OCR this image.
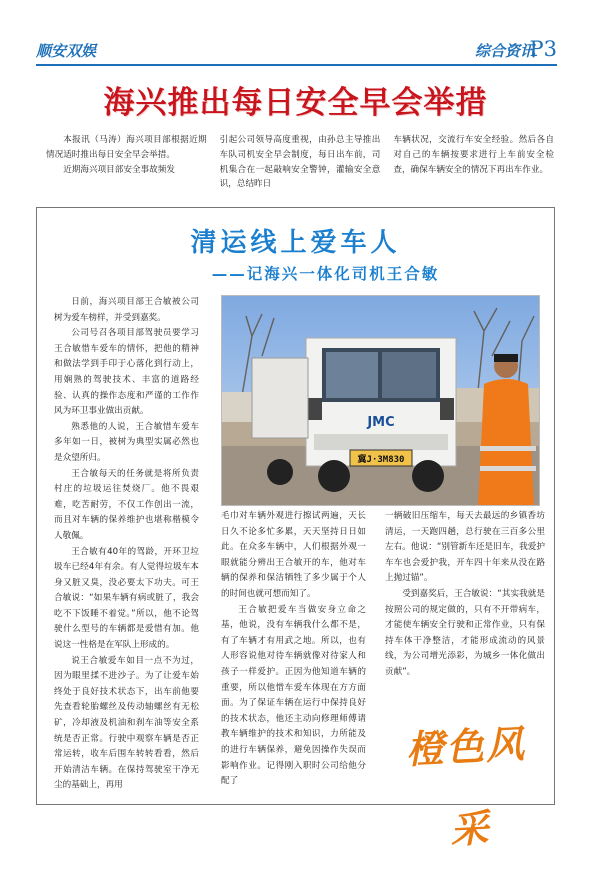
顺安双娱	综合资讯
P3
海兴推出每日安全早会举措

本报讯（马涛）海兴项目部根据近期情况适时推出每日安全早会举措。

近期海兴项目部安全事故频发

引起公司领导高度重视，由孙总主导推出车队司机安全早会制度，每日出车前，司机集合在一起敲响安全警钟，灌输安全意识，总结昨日

车辆状况，交流行车安全经验。然后各自对自己的车辆按要求进行上车前安全检查，确保车辆安全的情况下再出车作业。

清运线上爱车人
——记海兴一体化司机王合敏

日前，海兴项目部王合敏被公司树为爱车榜样，并受到嘉奖。

公司号召各项目部驾驶员要学习王合敏惜车爱车的情怀，把他的精神和做法学到手印于心落化到行动上，用娴熟的驾驶技术、丰富的道路经验、认真的操作态度和严谨的工作作风为环卫事业做出贡献。

熟悉他的人说，王合敏惜车爱车多年如一日，被树为典型实属必然也是众望所归。

王合敏每天的任务就是将所负责村庄的垃圾运往焚烧厂。他不畏艰难，吃苦耐劳，不仅工作创出一流，而且对车辆的保养维护也堪称楷模令人敬佩。

王合敏有40年的驾龄，开环卫垃圾车已经4年有余。有人觉得垃圾车本身又脏又臭，没必要太下功夫。可王合敏说：“如果车辆有病或脏了，我会吃不下饭睡不着觉。”所以，他不论驾驶什么型号的车辆都是爱惜有加。他说这一性格是在军队上形成的。

说王合敏爱车如目一点不为过，因为眼里揉不进沙子。为了让爱车始终处于良好技术状态下，出车前他要先查看轮胎螺丝及传动轴螺丝有无松矿，冷却液及机油和刹车油等安全系统是否正常。行驶中观察车辆是否正常运转，收车后围车转转看看，然后开始清洁车辆。在保持驾驶室干净无尘的基础上，再用

JMC
冀J·3M830

毛巾对车辆外观进行擦试两遍，天长日久不论多忙多累，天天坚持日日如此。在众多车辆中，人们根据外观一眼就能分辨出王合敏开的车，他对车辆的保养和保洁牺牲了多少属于个人的时间也就可想而知了。

王合敏把爱车当做安身立命之基，他说，没有车辆我什么都不是，有了车辆才有用武之地。所以，也有人形容说他对待车辆就像对待家人和孩子一样爱护。正因为他知道车辆的重要，所以他惜车爱车体现在方方面面。为了保证车辆在运行中保持良好的技术状态，他还主动向修理师傅请教车辆维护的技术和知识，力所能及的进行车辆保养，避免因操作失误而影响作业。记得刚入职时公司给他分配了

一辆破旧压缩车，每天去最远的乡镇香坊清运，一天跑四趟，总行驶在三百多公里左右。他说：“别管新车还是旧车，我爱护车车也会爱护我，开车四十年来从没在路上抛过锚”。

受到嘉奖后，王合敏说：“其实我就是按照公司的规定做的，只有不开带病车，才能使车辆安全行驶和正常作业，只有保持车体干净整洁，才能形成流动的风景线，为公司增光添彩，为城乡一体化做出贡献”。

橙色风采
